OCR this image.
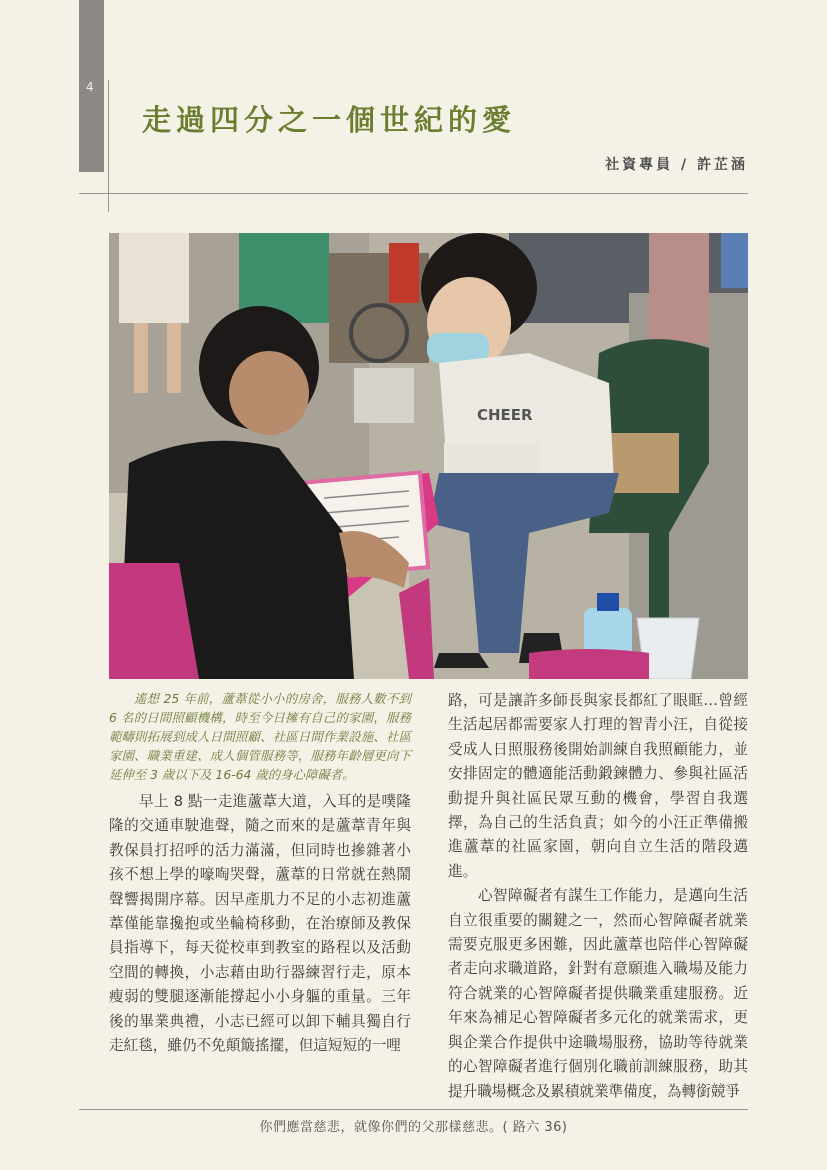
4
走過四分之一個世紀的愛
社資專員 / 許芷涵
CHEER

遙想 25 年前，蘆葦從小小的房舍，服務人數不到 6 名的日間照顧機構，時至今日擁有自己的家園，服務範疇則拓展到成人日間照顧、社區日間作業設施、社區家園、職業重建、成人個管服務等，服務年齡層更向下延伸至 3 歲以下及 16-64 歲的身心障礙者。

早上 8 點一走進蘆葦大道，入耳的是噗隆隆的交通車駛進聲，隨之而來的是蘆葦青年與教保員打招呼的活力滿滿，但同時也摻雜著小孩不想上學的嚎啕哭聲，蘆葦的日常就在熱鬧聲響揭開序幕。因早產肌力不足的小志初進蘆葦僅能靠攙抱或坐輪椅移動，在治療師及教保員指導下，每天從校車到教室的路程以及活動空間的轉換，小志藉由助行器練習行走，原本瘦弱的雙腿逐漸能撐起小小身軀的重量。三年後的畢業典禮，小志已經可以卸下輔具獨自行走紅毯，雖仍不免顛簸搖擺，但這短短的一哩

路，可是讓許多師長與家長都紅了眼眶…曾經生活起居都需要家人打理的智青小汪，自從接受成人日照服務後開始訓練自我照顧能力，並安排固定的體適能活動鍛鍊體力、參與社區活動提升與社區民眾互動的機會，學習自我選擇，為自己的生活負責；如今的小汪正準備搬進蘆葦的社區家園，朝向自立生活的階段邁進。

心智障礙者有謀生工作能力，是邁向生活自立很重要的關鍵之一，然而心智障礙者就業需要克服更多困難，因此蘆葦也陪伴心智障礙者走向求職道路，針對有意願進入職場及能力符合就業的心智障礙者提供職業重建服務。近年來為補足心智障礙者多元化的就業需求，更與企業合作提供中途職場服務，協助等待就業的心智障礙者進行個別化職前訓練服務，助其提升職場概念及累積就業準備度，為轉銜競爭

你們應當慈悲，就像你們的父那樣慈悲。( 路六 36)
